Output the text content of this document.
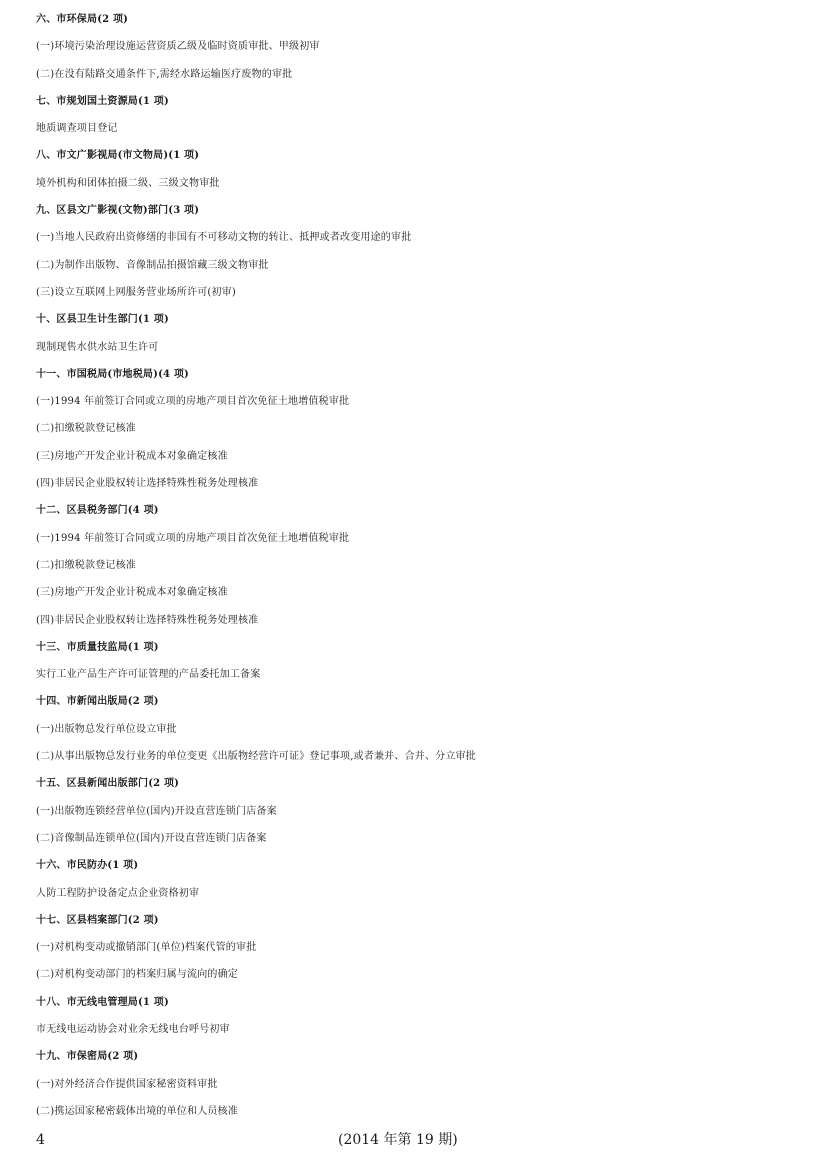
六、市环保局(2 项)
(一)环境污染治理设施运营资质乙级及临时资质审批、甲级初审
(二)在没有陆路交通条件下,需经水路运输医疗废物的审批
七、市规划国土资源局(1 项)
地质调查项目登记
八、市文广影视局(市文物局)(1 项)
境外机构和团体拍摄二级、三级文物审批
九、区县文广影视(文物)部门(3 项)
(一)当地人民政府出资修缮的非国有不可移动文物的转让、抵押或者改变用途的审批
(二)为制作出版物、音像制品拍摄馆藏三级文物审批
(三)设立互联网上网服务营业场所许可(初审)
十、区县卫生计生部门(1 项)
现制现售水供水站卫生许可
十一、市国税局(市地税局)(4 项)
(一)1994 年前签订合同或立项的房地产项目首次免征土地增值税审批
(二)扣缴税款登记核准
(三)房地产开发企业计税成本对象确定核准
(四)非居民企业股权转让选择特殊性税务处理核准
十二、区县税务部门(4 项)
(一)1994 年前签订合同或立项的房地产项目首次免征土地增值税审批
(二)扣缴税款登记核准
(三)房地产开发企业计税成本对象确定核准
(四)非居民企业股权转让选择特殊性税务处理核准
十三、市质量技监局(1 项)
实行工业产品生产许可证管理的产品委托加工备案
十四、市新闻出版局(2 项)
(一)出版物总发行单位设立审批
(二)从事出版物总发行业务的单位变更《出版物经营许可证》登记事项,或者兼并、合并、分立审批
十五、区县新闻出版部门(2 项)
(一)出版物连锁经营单位(国内)开设直营连锁门店备案
(二)音像制品连锁单位(国内)开设直营连锁门店备案
十六、市民防办(1 项)
人防工程防护设备定点企业资格初审
十七、区县档案部门(2 项)
(一)对机构变动或撤销部门(单位)档案代管的审批
(二)对机构变动部门的档案归属与流向的确定
十八、市无线电管理局(1 项)
市无线电运动协会对业余无线电台呼号初审
十九、市保密局(2 项)
(一)对外经济合作提供国家秘密资料审批
(二)携运国家秘密载体出境的单位和人员核准
4	(2014 年第 19 期)
